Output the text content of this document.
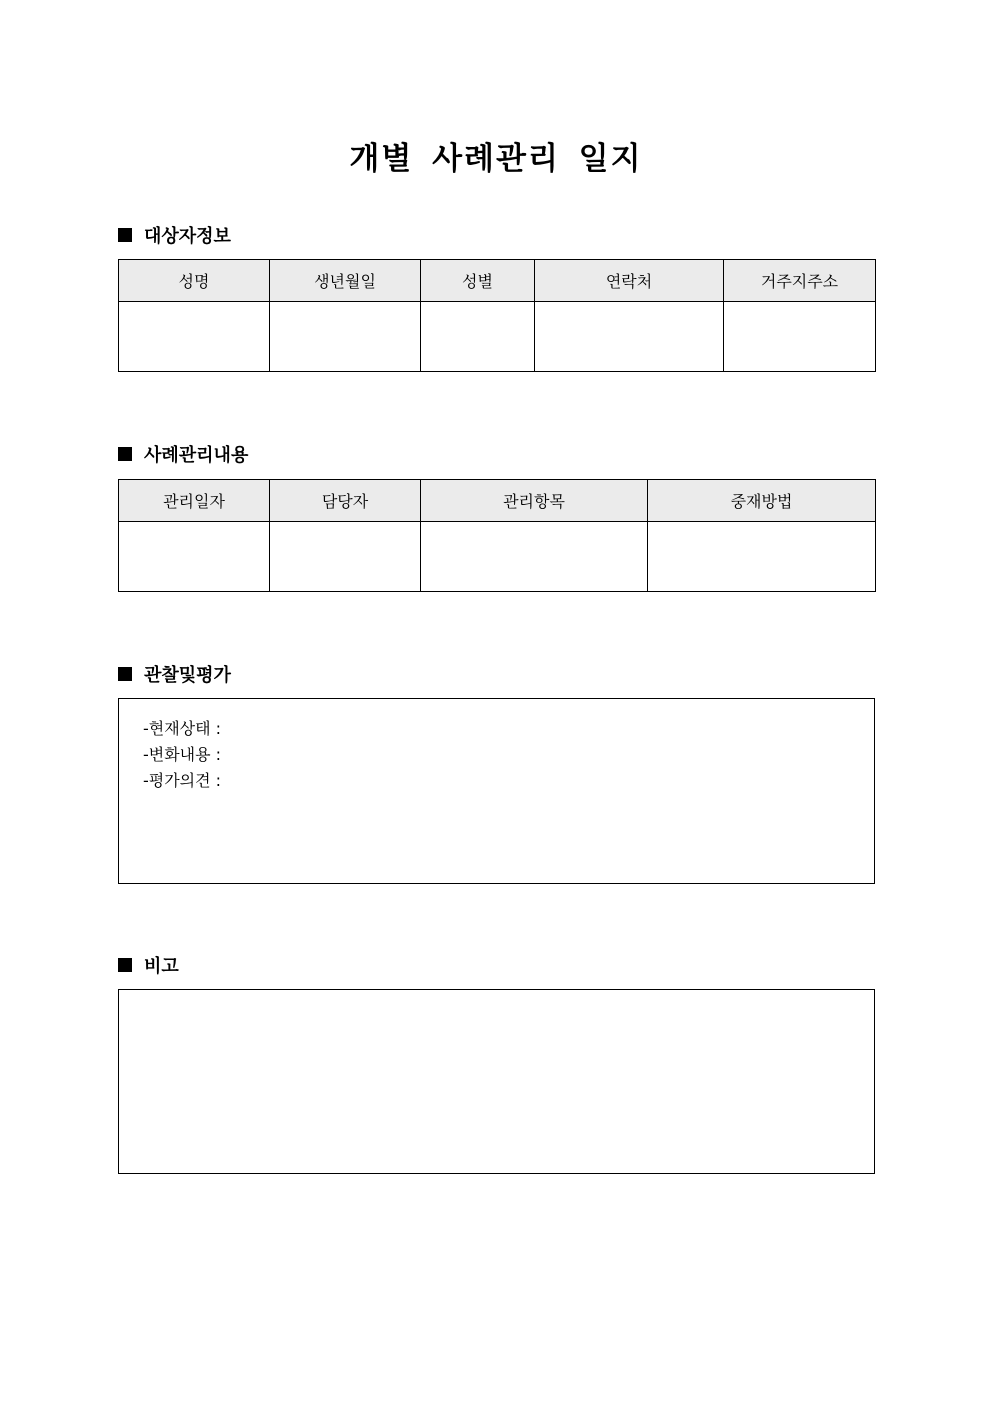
개별 사례관리 일지
대상자정보
성명	생년월일	성별	연락처	거주지주소

사례관리내용
관리일자	담당자	관리항목	중재방법

관찰및평가
-현재상태 :
-변화내용 :
-평가의견 :
비고
